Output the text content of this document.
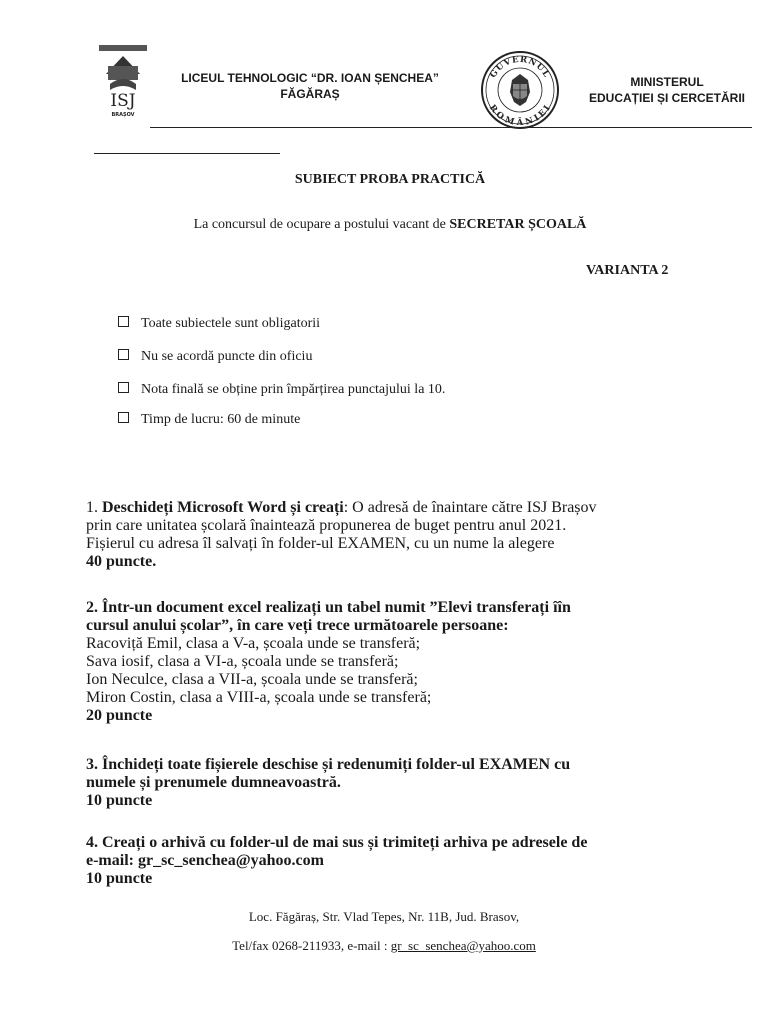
ISJ
BRAȘOV
LICEUL TEHNOLOGIC “DR. IOAN ȘENCHEA”
FĂGĂRAȘ
GUVERNUL
ROMÂNIEI
MINISTERUL
EDUCAȚIEI ȘI CERCETĂRII
SUBIECT PROBA PRACTICĂ
La concursul de ocupare a postului vacant de SECRETAR ȘCOALĂ
VARIANTA 2
Toate subiectele sunt obligatorii
Nu se acordă puncte din oficiu
Nota finală se obține prin împărțirea punctajului la 10.
Timp de lucru: 60 de minute
1. Deschideți Microsoft Word și creați: O adresă de înaintare către ISJ Brașov
prin care unitatea școlară înaintează propunerea de buget pentru anul 2021.
Fișierul cu adresa îl salvați în folder-ul EXAMEN, cu un nume la alegere
40 puncte.
2. Într-un document excel realizați un tabel numit ”Elevi transferați îîn
cursul anului școlar”, în care veți trece următoarele persoane:
Racoviță Emil, clasa a V-a, școala unde se transferă;
Sava iosif, clasa a VI-a, școala unde se transferă;
Ion Neculce, clasa a VII-a, școala unde se transferă;
Miron Costin, clasa a VIII-a, școala unde se transferă;
20 puncte
3. Închideți toate fișierele deschise și redenumiți folder-ul EXAMEN cu
numele și prenumele dumneavoastră.
10 puncte
4. Creați o arhivă cu folder-ul de mai sus și trimiteți arhiva pe adresele de
e-mail: gr_sc_senchea@yahoo.com
10 puncte
Loc. Făgăraș, Str. Vlad Tepes, Nr. 11B, Jud. Brasov,
Tel/fax 0268-211933, e-mail : gr_sc_senchea@yahoo.com
